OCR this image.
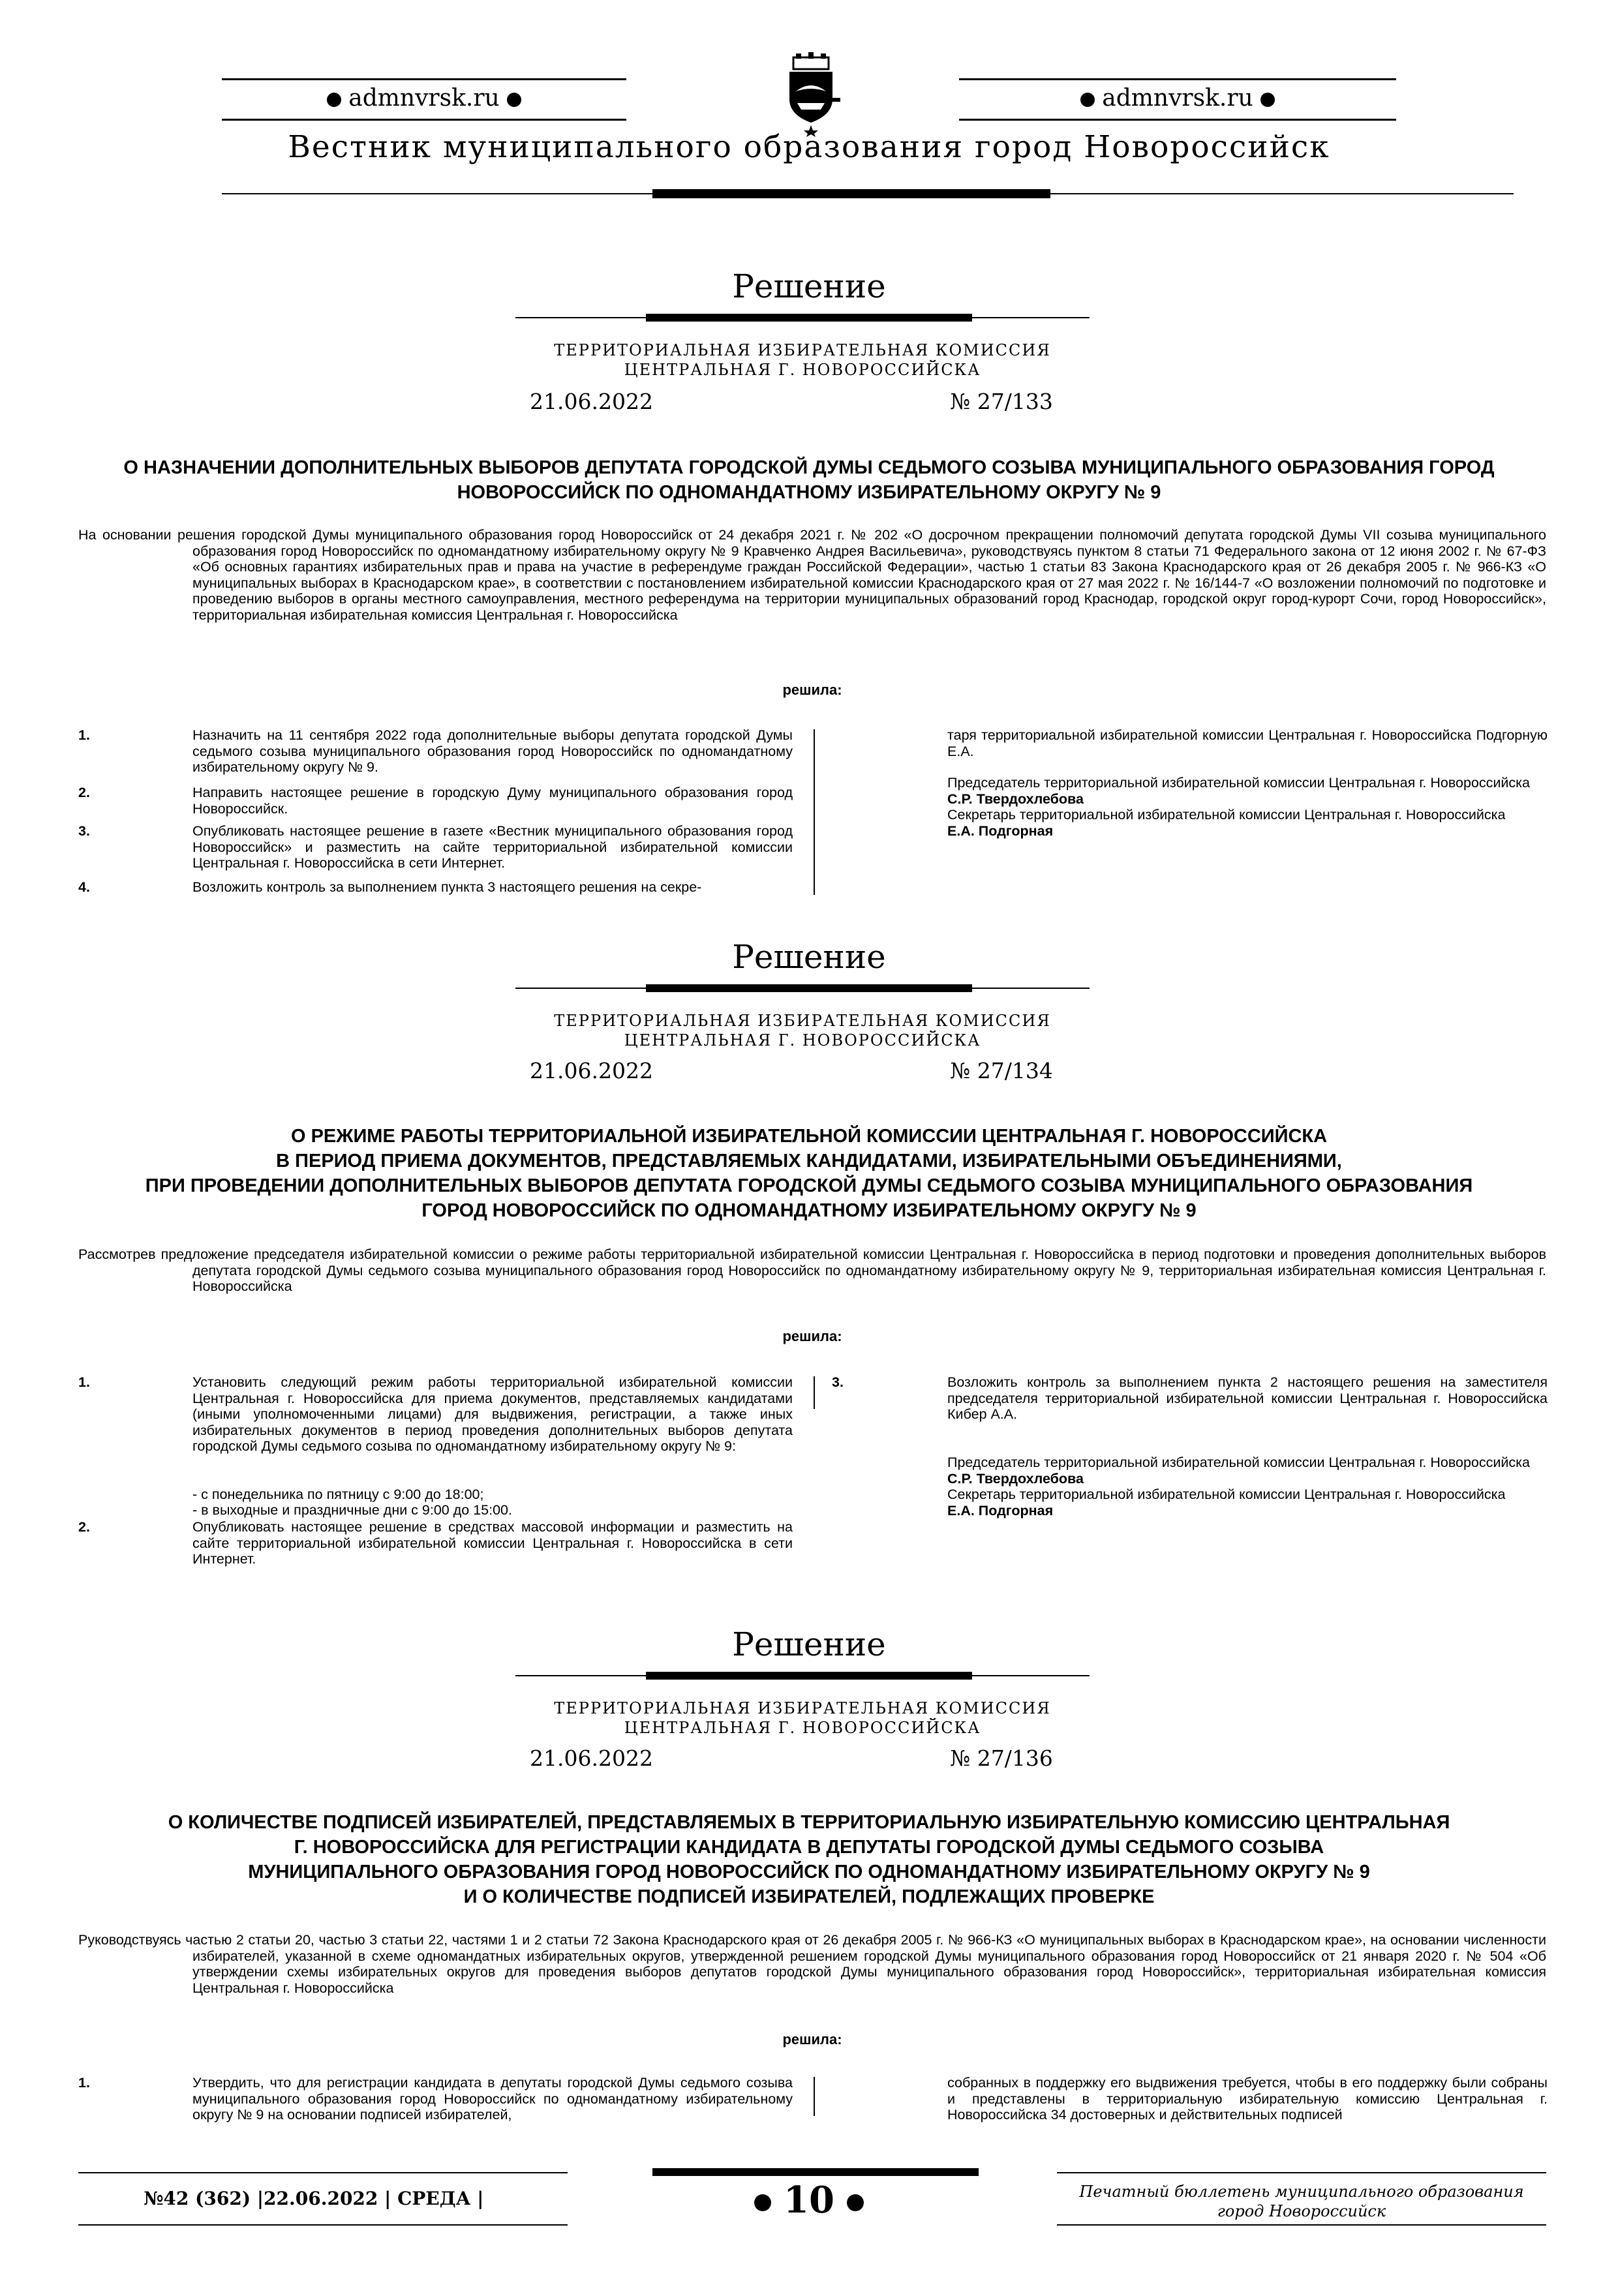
admnvrsk.ru	admnvrsk.ru
Вестник муниципального образования город Новороссийск
Решение
ТЕРРИТОРИАЛЬНАЯ ИЗБИРАТЕЛЬНАЯ КОМИССИЯ
ЦЕНТРАЛЬНАЯ Г. НОВОРОССИЙСКА
21.06.2022	№ 27/133
О НАЗНАЧЕНИИ ДОПОЛНИТЕЛЬНЫХ ВЫБОРОВ ДЕПУТАТА ГОРОДСКОЙ ДУМЫ СЕДЬМОГО СОЗЫВА МУНИЦИПАЛЬНОГО ОБРАЗОВАНИЯ ГОРОД
НОВОРОССИЙСК ПО ОДНОМАНДАТНОМУ ИЗБИРАТЕЛЬНОМУ ОКРУГУ № 9
На основании решения городской Думы муниципального образования город Новороссийск от 24 декабря 2021 г. № 202 «О досрочном прекращении полномочий депутата городской Думы VII созыва муниципального образования город Новороссийск по одномандатному избирательному округу № 9 Кравченко Андрея Васильевича», руководствуясь пунктом 8 статьи 71 Федерального закона от 12 июня 2002 г. № 67-ФЗ «Об основных гарантиях избирательных прав и права на участие в референдуме граждан Российской Федерации», частью 1 статьи 83 Закона Краснодарского края от 26 декабря 2005 г. № 966-КЗ «О муниципальных выборах в Краснодарском крае», в соответствии с постановлением избирательной комиссии Краснодарского края от 27 мая 2022 г. № 16/144-7 «О возложении полномочий по подготовке и проведению выборов в органы местного самоуправления, местного референдума на территории муниципальных образований город Краснодар, городской округ город-курорт Сочи, город Новороссийск», территориальная избирательная комиссия Центральная г. Новороссийска
решила:
1.	Назначить на 11 сентября 2022 года дополнительные выборы депутата городской Думы седьмого созыва муниципального образования город Новороссийск по одномандатному избирательному округу № 9.
2.	Направить настоящее решение в городскую Думу муниципального образования город Новороссийск.
3.	Опубликовать настоящее решение в газете «Вестник муниципального образования город Новороссийск» и разместить на сайте территориальной избирательной комиссии Центральная г. Новороссийска в сети Интернет.
4.	Возложить контроль за выполнением пункта 3 настоящего решения на секре-
таря территориальной избирательной комиссии Центральная г. Новороссийска Подгорную Е.А.
Председатель территориальной избирательной комиссии Центральная г. Новороссийска
С.Р. Твердохлебова
Секретарь территориальной избирательной комиссии Центральная г. Новороссийска
Е.А. Подгорная
Решение
ТЕРРИТОРИАЛЬНАЯ ИЗБИРАТЕЛЬНАЯ КОМИССИЯ
ЦЕНТРАЛЬНАЯ Г. НОВОРОССИЙСКА
21.06.2022	№ 27/134
О РЕЖИМЕ РАБОТЫ ТЕРРИТОРИАЛЬНОЙ ИЗБИРАТЕЛЬНОЙ КОМИССИИ ЦЕНТРАЛЬНАЯ Г. НОВОРОССИЙСКА
В ПЕРИОД ПРИЕМА ДОКУМЕНТОВ, ПРЕДСТАВЛЯЕМЫХ КАНДИДАТАМИ, ИЗБИРАТЕЛЬНЫМИ ОБЪЕДИНЕНИЯМИ,
ПРИ ПРОВЕДЕНИИ ДОПОЛНИТЕЛЬНЫХ ВЫБОРОВ ДЕПУТАТА ГОРОДСКОЙ ДУМЫ СЕДЬМОГО СОЗЫВА МУНИЦИПАЛЬНОГО ОБРАЗОВАНИЯ
ГОРОД НОВОРОССИЙСК ПО ОДНОМАНДАТНОМУ ИЗБИРАТЕЛЬНОМУ ОКРУГУ № 9
Рассмотрев предложение председателя избирательной комиссии о режиме работы территориальной избирательной комиссии Центральная г. Новороссийска в период подготовки и проведения дополнительных выборов депутата городской Думы седьмого созыва муниципального образования город Новороссийск по одномандатному избирательному округу № 9, территориальная избирательная комиссия Центральная г. Новороссийска
решила:
1.	Установить следующий режим работы территориальной избирательной комиссии Центральная г. Новороссийска для приема документов, представляемых кандидатами (иными уполномоченными лицами) для выдвижения, регистрации, а также иных избирательных документов в период проведения дополнительных выборов депутата городской Думы седьмого созыва по одномандатному избирательному округу № 9:
- с понедельника по пятницу с 9:00 до 18:00;
- в выходные и праздничные дни с 9:00 до 15:00.
2.	Опубликовать настоящее решение в средствах массовой информации и разместить на сайте территориальной избирательной комиссии Центральная г. Новороссийска в сети Интернет.
3.	Возложить контроль за выполнением пункта 2 настоящего решения на заместителя председателя территориальной избирательной комиссии Центральная г. Новороссийска Кибер А.А.
Председатель территориальной избирательной комиссии Центральная г. Новороссийска
С.Р. Твердохлебова
Секретарь территориальной избирательной комиссии Центральная г. Новороссийска
Е.А. Подгорная
Решение
ТЕРРИТОРИАЛЬНАЯ ИЗБИРАТЕЛЬНАЯ КОМИССИЯ
ЦЕНТРАЛЬНАЯ Г. НОВОРОССИЙСКА
21.06.2022	№ 27/136
О КОЛИЧЕСТВЕ ПОДПИСЕЙ ИЗБИРАТЕЛЕЙ, ПРЕДСТАВЛЯЕМЫХ В ТЕРРИТОРИАЛЬНУЮ ИЗБИРАТЕЛЬНУЮ КОМИССИЮ ЦЕНТРАЛЬНАЯ
Г. НОВОРОССИЙСКА ДЛЯ РЕГИСТРАЦИИ КАНДИДАТА В ДЕПУТАТЫ ГОРОДСКОЙ ДУМЫ СЕДЬМОГО СОЗЫВА
МУНИЦИПАЛЬНОГО ОБРАЗОВАНИЯ ГОРОД НОВОРОССИЙСК ПО ОДНОМАНДАТНОМУ ИЗБИРАТЕЛЬНОМУ ОКРУГУ № 9
И О КОЛИЧЕСТВЕ ПОДПИСЕЙ ИЗБИРАТЕЛЕЙ, ПОДЛЕЖАЩИХ ПРОВЕРКЕ
Руководствуясь частью 2 статьи 20, частью 3 статьи 22, частями 1 и 2 статьи 72 Закона Краснодарского края от 26 декабря 2005 г. № 966-КЗ «О муниципальных выборах в Краснодарском крае», на основании численности избирателей, указанной в схеме одномандатных избирательных округов, утвержденной решением городской Думы муниципального образования город Новороссийск от 21 января 2020 г. № 504 «Об утверждении схемы избирательных округов для проведения выборов депутатов городской Думы муниципального образования город Новороссийск», территориальная избирательная комиссия Центральная г. Новороссийска
решила:
1.	Утвердить, что для регистрации кандидата в депутаты городской Думы седьмого созыва муниципального образования город Новороссийск по одномандатному избирательному округу № 9 на основании подписей избирателей,
собранных в поддержку его выдвижения требуется, чтобы в его поддержку были собраны и представлены в территориальную избирательную комиссию Центральная г. Новороссийска 34 достоверных и действительных подписей
№42 (362) |22.06.2022 | СРЕДА |	10	Печатный бюллетень муниципального образования
город Новороссийск
